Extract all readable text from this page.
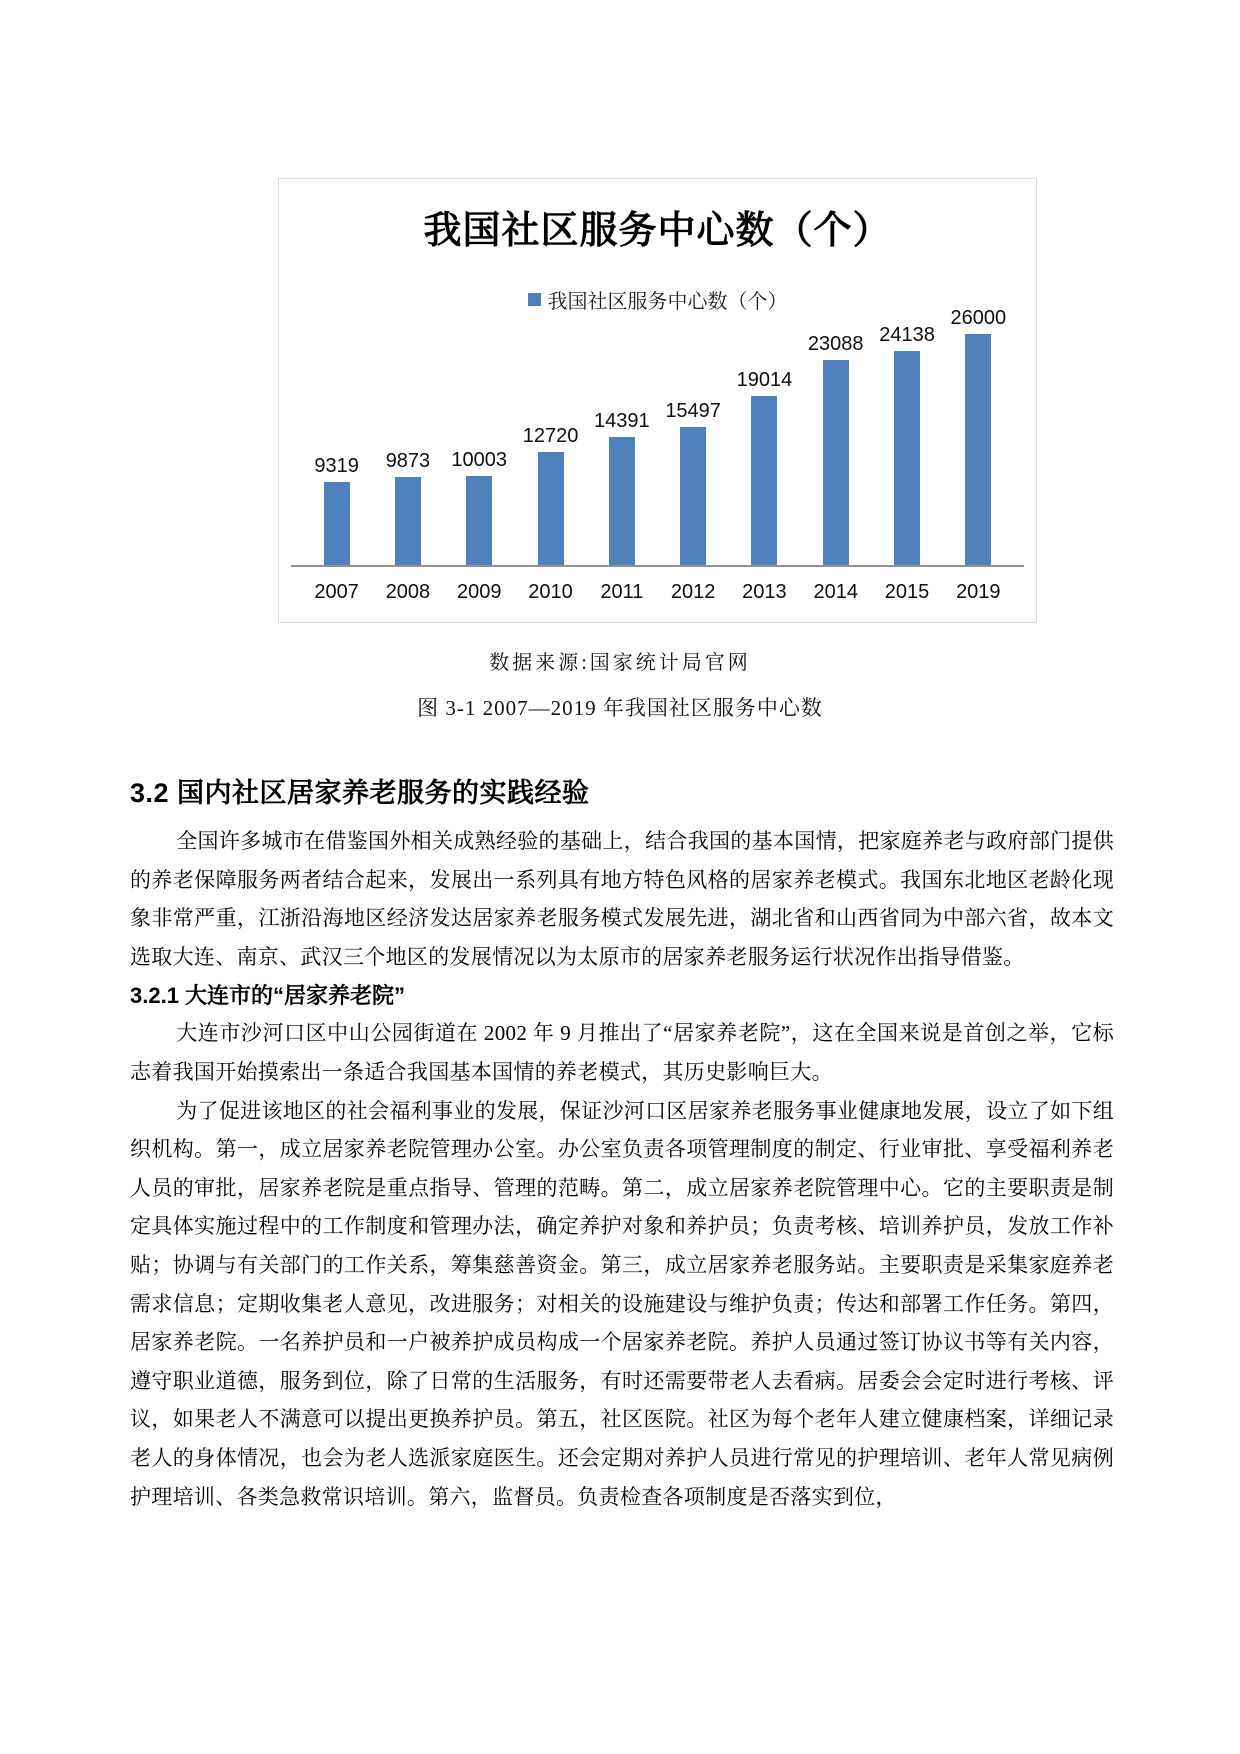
我国社区服务中心数（个）
我国社区服务中心数（个）
9319 9873 10003
12720
14391 15497
19014
23088 24138
26000
2007	2008	2009	2010	2011	2012	2013	2014	2015	2019
数据来源:国家统计局官网
图 3-1 2007—2019 年我国社区服务中心数
3.2 国内社区居家养老服务的实践经验

全国许多城市在借鉴国外相关成熟经验的基础上，结合我国的基本国情，把家庭养老与政府部门提供的养老保障服务两者结合起来，发展出一系列具有地方特色风格的居家养老模式。我国东北地区老龄化现象非常严重，江浙沿海地区经济发达居家养老服务模式发展先进，湖北省和山西省同为中部六省，故本文选取大连、南京、武汉三个地区的发展情况以为太原市的居家养老服务运行状况作出指导借鉴。

3.2.1 大连市的“居家养老院”

大连市沙河口区中山公园街道在 2002 年 9 月推出了“居家养老院”，这在全国来说是首创之举，它标志着我国开始摸索出一条适合我国基本国情的养老模式，其历史影响巨大。

为了促进该地区的社会福利事业的发展，保证沙河口区居家养老服务事业健康地发展，设立了如下组织机构。第一，成立居家养老院管理办公室。办公室负责各项管理制度的制定、行业审批、享受福利养老人员的审批，居家养老院是重点指导、管理的范畴。第二，成立居家养老院管理中心。它的主要职责是制定具体实施过程中的工作制度和管理办法，确定养护对象和养护员；负责考核、培训养护员，发放工作补贴；协调与有关部门的工作关系，筹集慈善资金。第三，成立居家养老服务站。主要职责是采集家庭养老需求信息；定期收集老人意见，改进服务；对相关的设施建设与维护负责；传达和部署工作任务。第四，居家养老院。一名养护员和一户被养护成员构成一个居家养老院。养护人员通过签订协议书等有关内容，遵守职业道德，服务到位，除了日常的生活服务，有时还需要带老人去看病。居委会会定时进行考核、评议，如果老人不满意可以提出更换养护员。第五，社区医院。社区为每个老年人建立健康档案，详细记录老人的身体情况，也会为老人选派家庭医生。还会定期对养护人员进行常见的护理培训、老年人常见病例护理培训、各类急救常识培训。第六，监督员。负责检查各项制度是否落实到位，
